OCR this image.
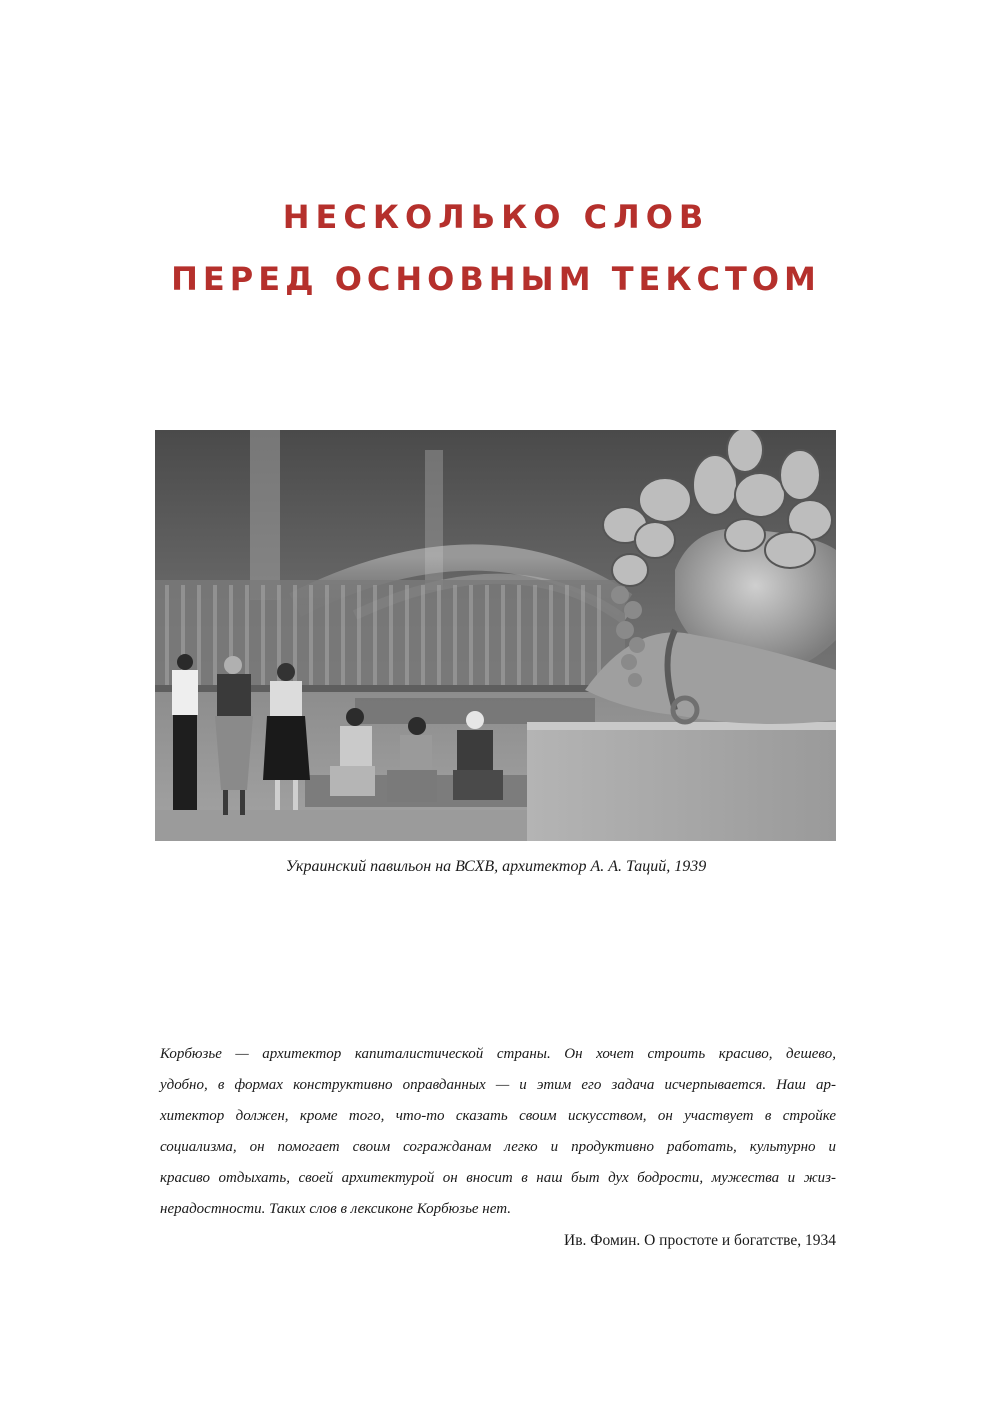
НЕСКОЛЬКО СЛОВ
ПЕРЕД ОСНОВНЫМ ТЕКСТОМ
Украинский павильон на ВСХВ, архитектор А. А. Таций, 1939
Корбюзье — архитектор капиталистической страны. Он хочет строить красиво, дешево,
удобно, в формах конструктивно оправданных — и этим его задача исчерпывается. Наш ар-
хитектор должен, кроме того, что-то сказать своим искусством, он участвует в стройке
социализма, он помогает своим согражданам легко и продуктивно работать, культурно и
красиво отдыхать, своей архитектурой он вносит в наш быт дух бодрости, мужества и жиз-
нерадостности. Таких слов в лексиконе Корбюзье нет.
Ив. Фомин. О простоте и богатстве, 1934
